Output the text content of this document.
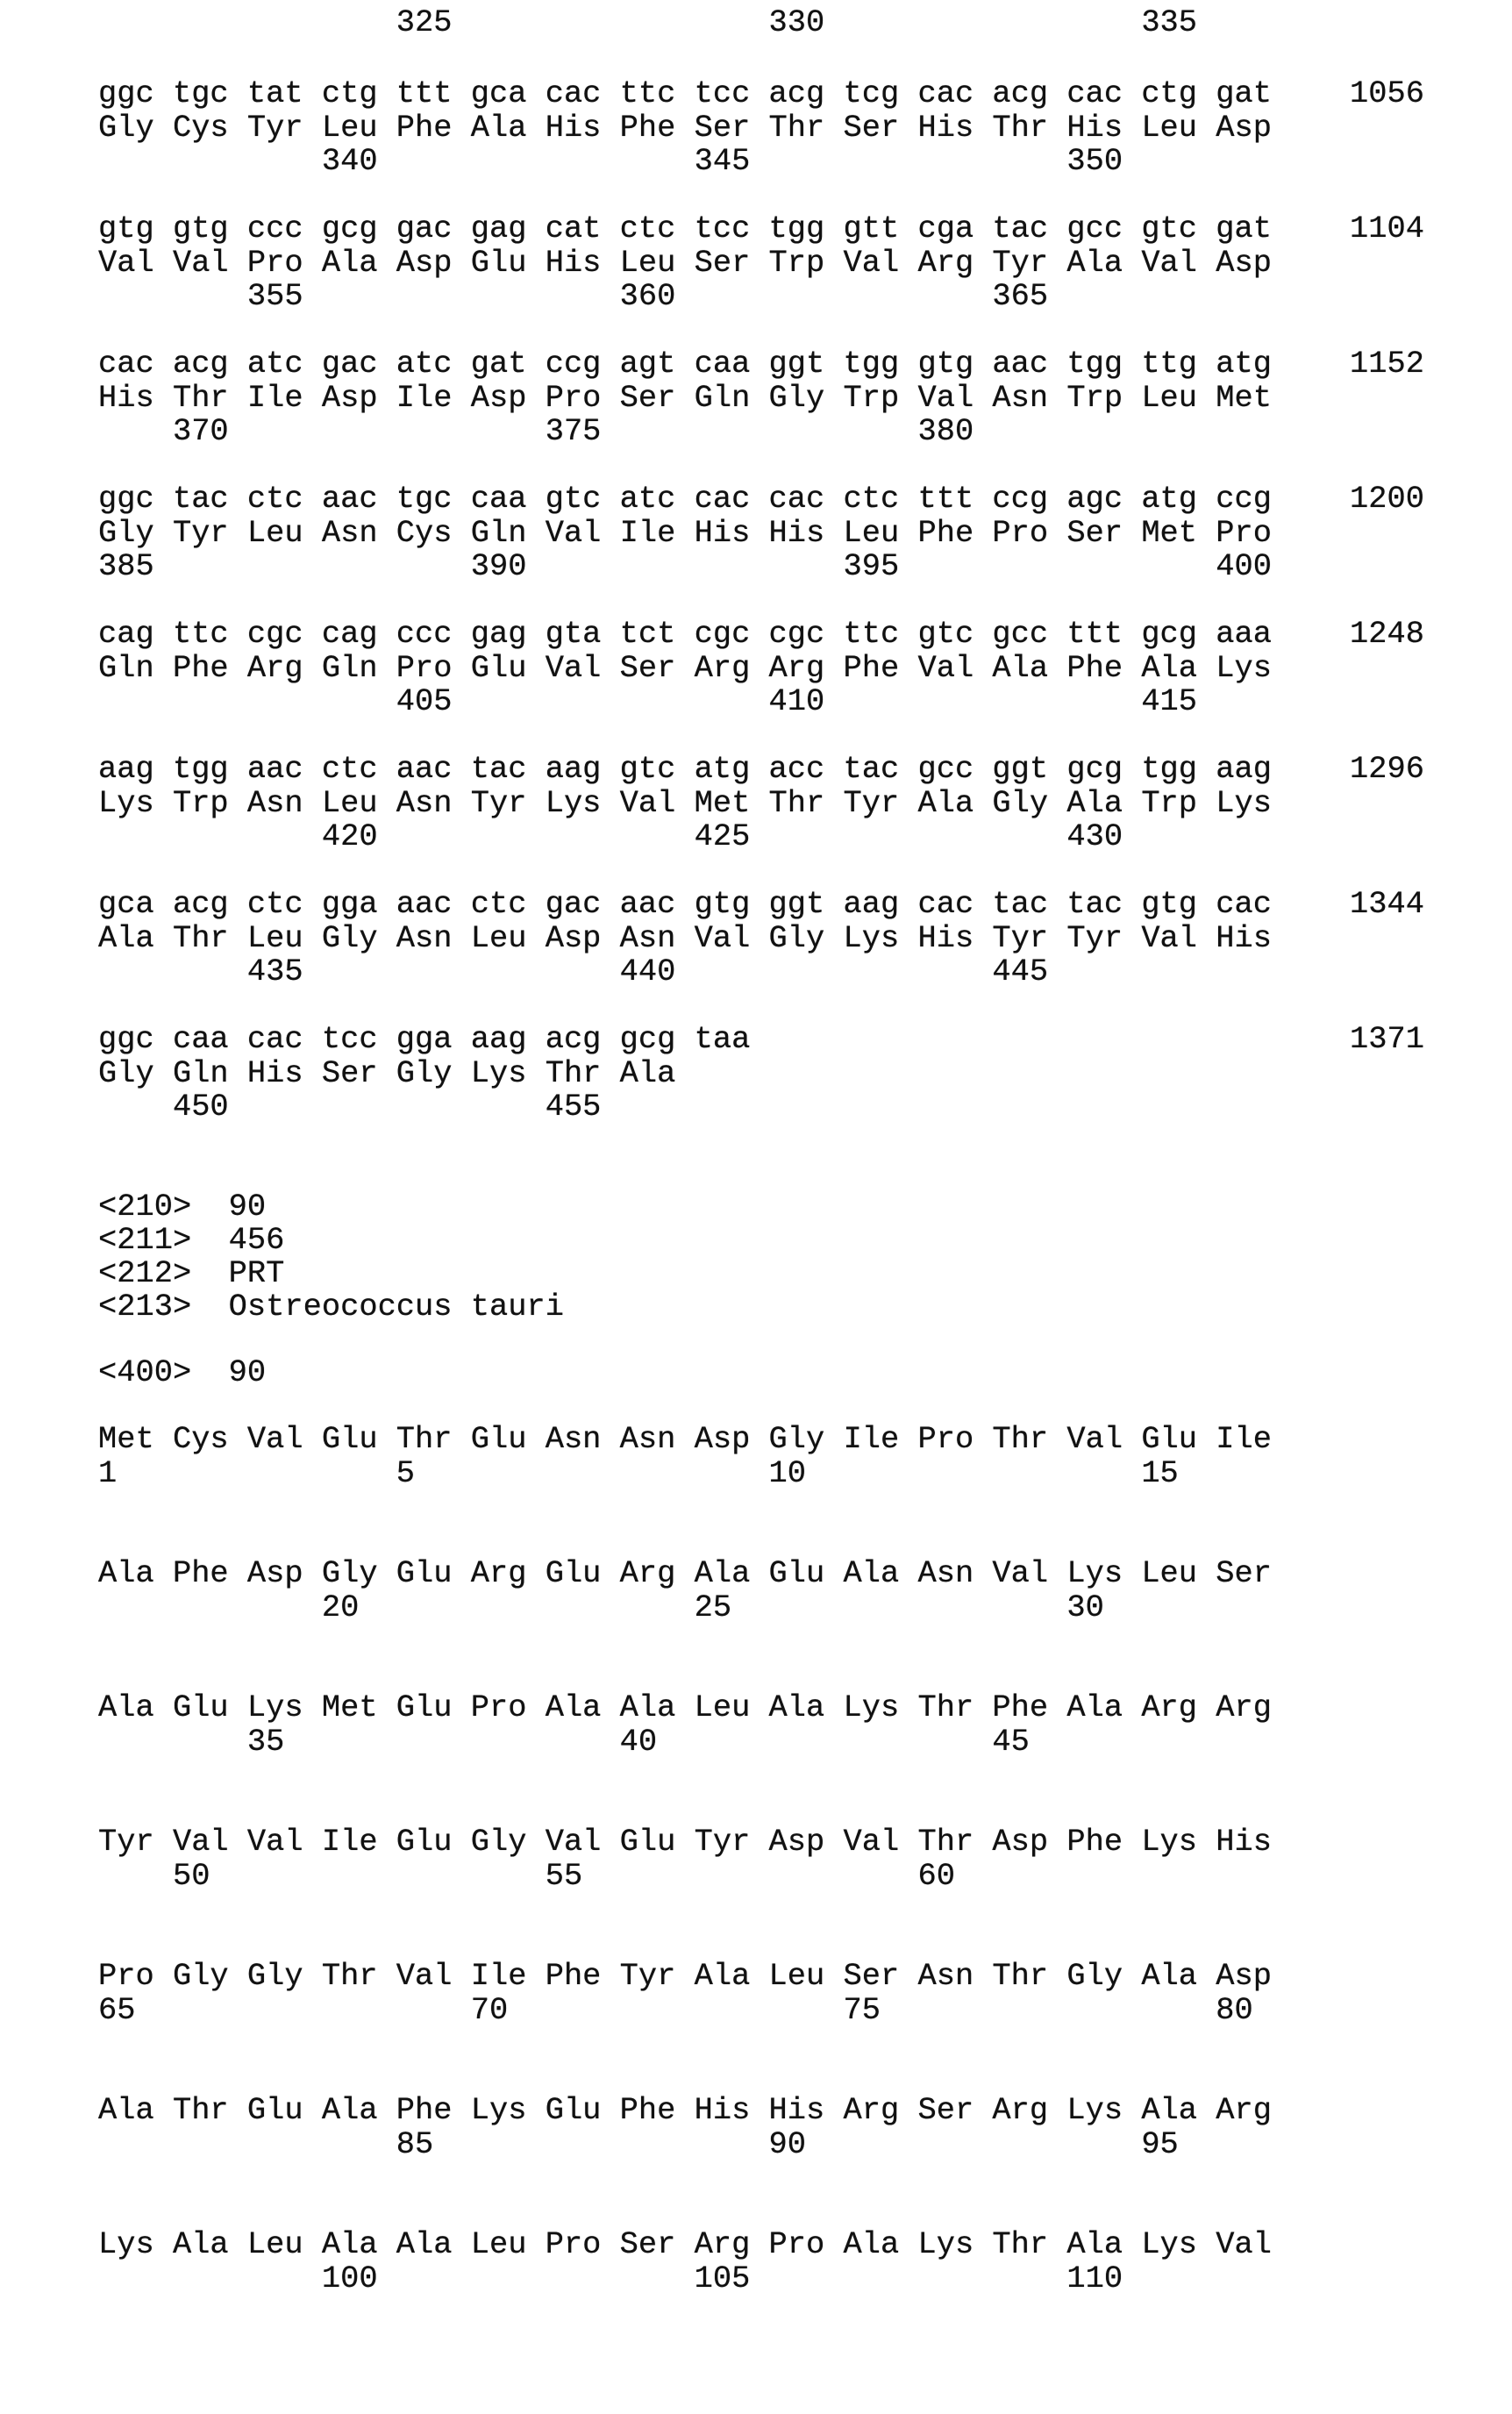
325                 330                 335
ggc tgc tat ctg ttt gca cac ttc tcc acg tcg cac acg cac ctg gat	1056
Gly Cys Tyr Leu Phe Ala His Phe Ser Thr Ser His Thr His Leu Asp
340                 345                 350
gtg gtg ccc gcg gac gag cat ctc tcc tgg gtt cga tac gcc gtc gat	1104
Val Val Pro Ala Asp Glu His Leu Ser Trp Val Arg Tyr Ala Val Asp
355                 360                 365
cac acg atc gac atc gat ccg agt caa ggt tgg gtg aac tgg ttg atg	1152
His Thr Ile Asp Ile Asp Pro Ser Gln Gly Trp Val Asn Trp Leu Met
370                 375                 380
ggc tac ctc aac tgc caa gtc atc cac cac ctc ttt ccg agc atg ccg	1200
Gly Tyr Leu Asn Cys Gln Val Ile His His Leu Phe Pro Ser Met Pro
385                 390                 395                 400
cag ttc cgc cag ccc gag gta tct cgc cgc ttc gtc gcc ttt gcg aaa	1248
Gln Phe Arg Gln Pro Glu Val Ser Arg Arg Phe Val Ala Phe Ala Lys
405                 410                 415
aag tgg aac ctc aac tac aag gtc atg acc tac gcc ggt gcg tgg aag	1296
Lys Trp Asn Leu Asn Tyr Lys Val Met Thr Tyr Ala Gly Ala Trp Lys
420                 425                 430
gca acg ctc gga aac ctc gac aac gtg ggt aag cac tac tac gtg cac	1344
Ala Thr Leu Gly Asn Leu Asp Asn Val Gly Lys His Tyr Tyr Val His
435                 440                 445
ggc caa cac tcc gga aag acg gcg taa	1371
Gly Gln His Ser Gly Lys Thr Ala
450                 455
<210>  90
<211>  456
<212>  PRT
<213>  Ostreococcus tauri
<400>  90
Met Cys Val Glu Thr Glu Asn Asn Asp Gly Ile Pro Thr Val Glu Ile
1               5                   10                  15
Ala Phe Asp Gly Glu Arg Glu Arg Ala Glu Ala Asn Val Lys Leu Ser
20                  25                  30
Ala Glu Lys Met Glu Pro Ala Ala Leu Ala Lys Thr Phe Ala Arg Arg
35                  40                  45
Tyr Val Val Ile Glu Gly Val Glu Tyr Asp Val Thr Asp Phe Lys His
50                  55                  60
Pro Gly Gly Thr Val Ile Phe Tyr Ala Leu Ser Asn Thr Gly Ala Asp
65                  70                  75                  80
Ala Thr Glu Ala Phe Lys Glu Phe His His Arg Ser Arg Lys Ala Arg
85                  90                  95
Lys Ala Leu Ala Ala Leu Pro Ser Arg Pro Ala Lys Thr Ala Lys Val
100                 105                 110
